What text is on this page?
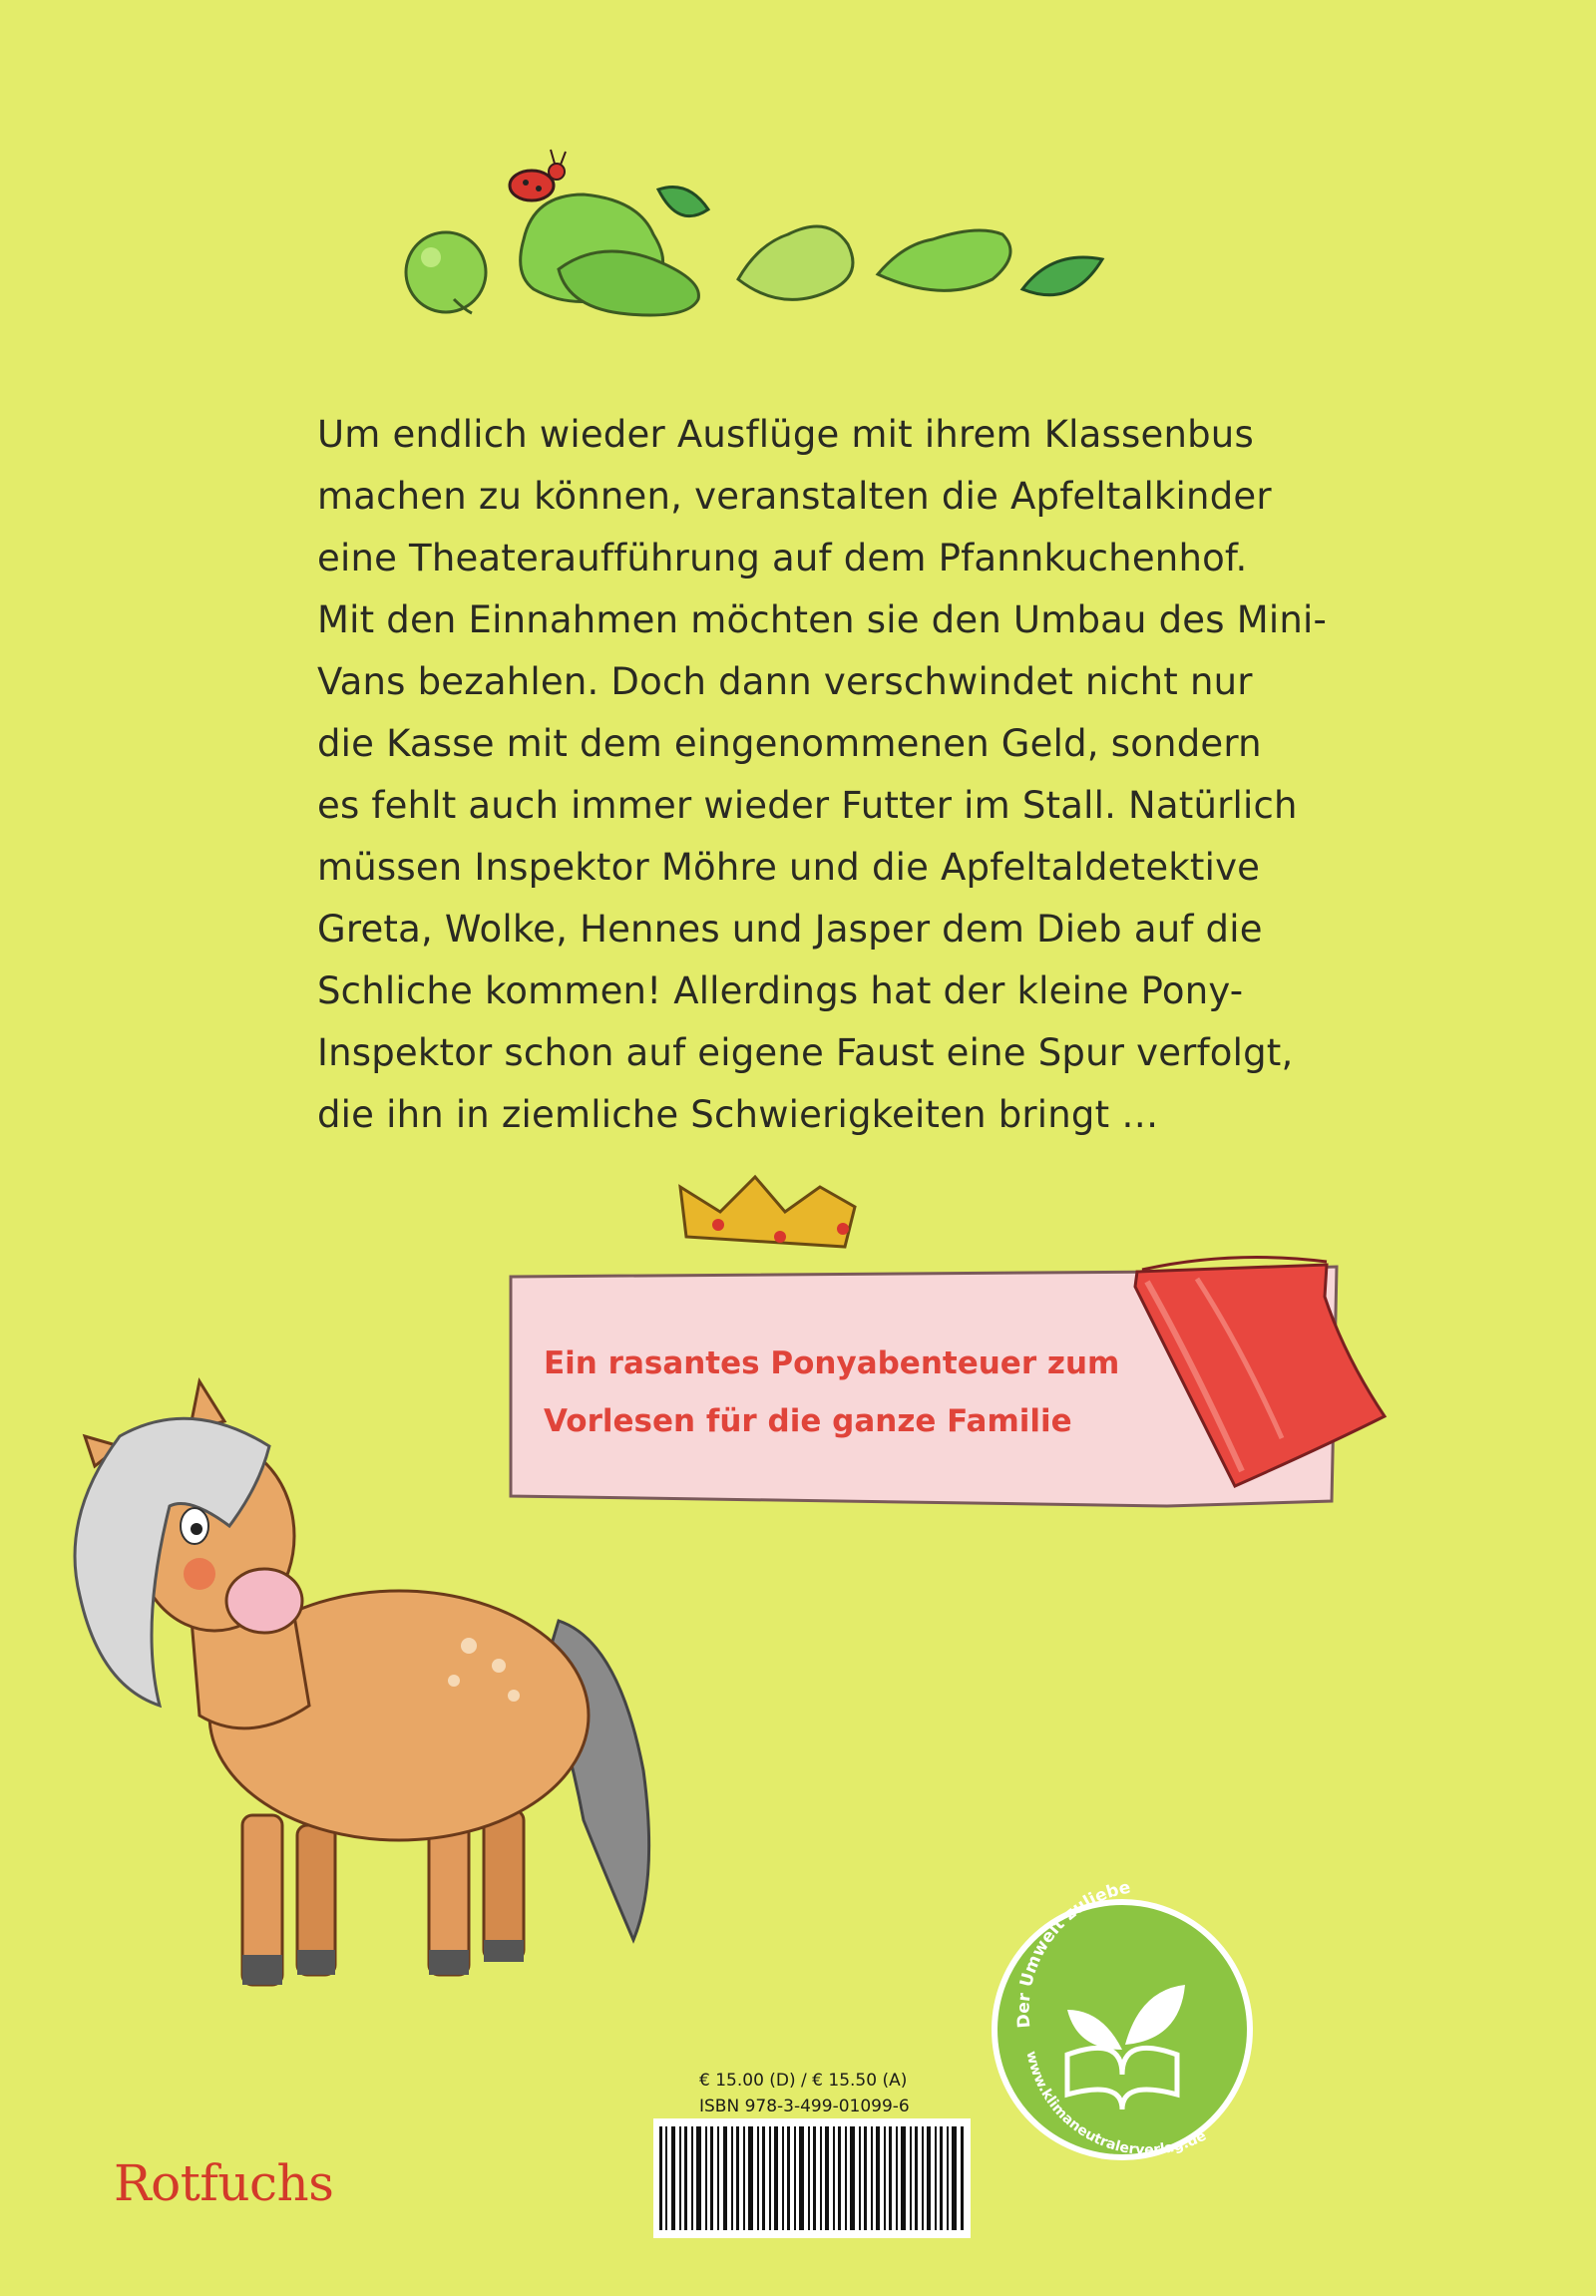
Um endlich wieder Ausflüge mit ihrem Klassenbus
machen zu können, veranstalten die Apfeltalkinder
eine Theateraufführung auf dem Pfannkuchenhof.
Mit den Einnahmen möchten sie den Umbau des Mini-
Vans bezahlen. Doch dann verschwindet nicht nur
die Kasse mit dem eingenommenen Geld, sondern
es fehlt auch immer wieder Futter im Stall. Natürlich
müssen Inspektor Möhre und die Apfeltaldetektive
Greta, Wolke, Hennes und Jasper dem Dieb auf die
Schliche kommen! Allerdings hat der kleine Pony-
Inspektor schon auf eigene Faust eine Spur verfolgt,
die ihn in ziemliche Schwierigkeiten bringt …
Ein rasantes Ponyabenteuer zum
Vorlesen für die ganze Familie
Der Umwelt zuliebe
www.klimaneutralerverlag.de
€ 15.00 (D) / € 15.50 (A)
ISBN 978-3-499-01099-6
Rotfuchs
